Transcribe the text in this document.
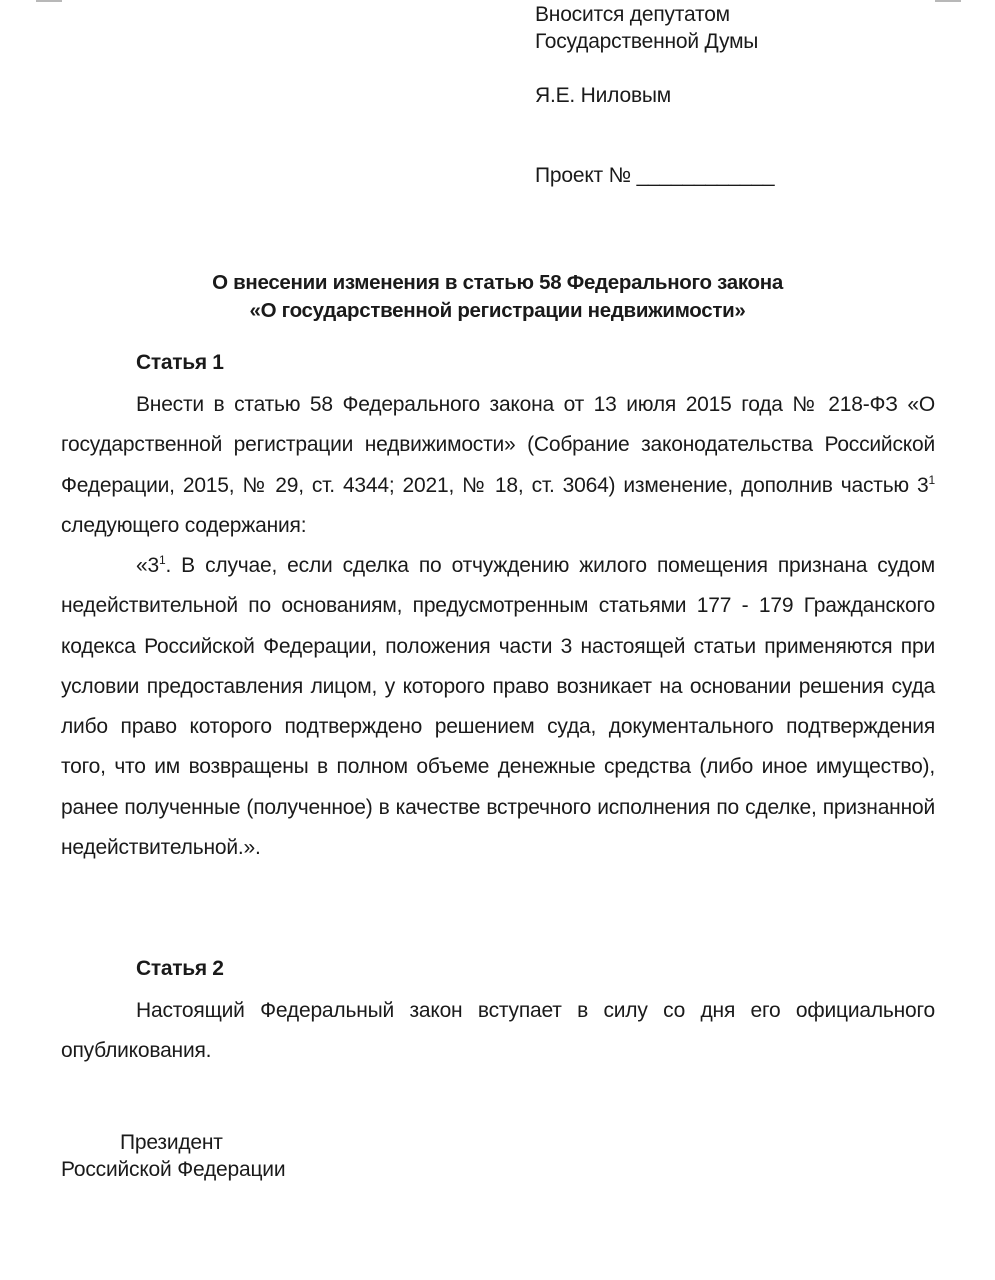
Вносится депутатом
Государственной Думы
Я.Е. Ниловым
Проект № ____________
О внесении изменения в статью 58 Федерального закона
«О государственной регистрации недвижимости»
Статья 1
Внести в статью 58 Федерального закона от 13 июля 2015 года № 218-ФЗ «О государственной регистрации недвижимости» (Собрание законодательства Российской Федерации, 2015, № 29, ст. 4344; 2021, № 18, ст. 3064) изменение, дополнив частью $3^1$ следующего содержания:
«$3^1$. В случае, если сделка по отчуждению жилого помещения признана судом недействительной по основаниям, предусмотренным статьями 177 - 179 Гражданского кодекса Российской Федерации, положения части 3 настоящей статьи применяются при условии предоставления лицом, у которого право возникает на основании решения суда либо право которого подтверждено решением суда, документального подтверждения того, что им возвращены в полном объеме денежные средства (либо иное имущество), ранее полученные (полученное) в качестве встречного исполнения по сделке, признанной недействительной.».
Статья 2
Настоящий Федеральный закон вступает в силу со дня его официального опубликования.
Президент
Российской Федерации
